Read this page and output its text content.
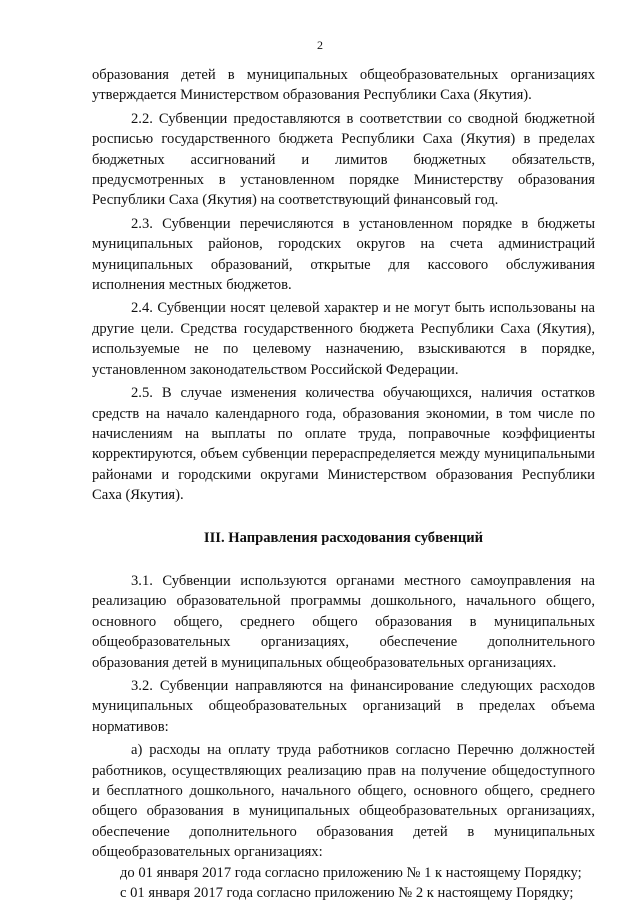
2

образования детей в муниципальных общеобразовательных организациях утверждается Министерством образования Республики Саха (Якутия).

2.2. Субвенции предоставляются в соответствии со сводной бюджетной росписью государственного бюджета Республики Саха (Якутия) в пределах бюджетных ассигнований и лимитов бюджетных обязательств, предусмотренных в установленном порядке Министерству образования Республики Саха (Якутия) на соответствующий финансовый год.

2.3. Субвенции перечисляются в установленном порядке в бюджеты муниципальных районов, городских округов на счета администраций муниципальных образований, открытые для кассового обслуживания исполнения местных бюджетов.

2.4. Субвенции носят целевой характер и не могут быть использованы на другие цели. Средства государственного бюджета Республики Саха (Якутия), используемые не по целевому назначению, взыскиваются в порядке, установленном законодательством Российской Федерации.

2.5. В случае изменения количества обучающихся, наличия остатков средств на начало календарного года, образования экономии, в том числе по начислениям на выплаты по оплате труда, поправочные коэффициенты корректируются, объем субвенции перераспределяется между муниципальными районами и городскими округами Министерством образования Республики Саха (Якутия).

III. Направления расходования субвенций

3.1. Субвенции используются органами местного самоуправления на реализацию образовательной программы дошкольного, начального общего, основного общего, среднего общего образования в муниципальных общеобразовательных организациях, обеспечение дополнительного образования детей в муниципальных общеобразовательных организациях.

3.2. Субвенции направляются на финансирование следующих расходов муниципальных общеобразовательных организаций в пределах объема нормативов:

а) расходы на оплату труда работников согласно Перечню должностей работников, осуществляющих реализацию прав на получение общедоступного и бесплатного дошкольного, начального общего, основного общего, среднего общего образования в муниципальных общеобразовательных организациях, обеспечение дополнительного образования детей в муниципальных общеобразовательных организациях:

до 01 января 2017 года согласно приложению № 1 к настоящему Порядку;

с 01 января 2017 года согласно приложению № 2 к настоящему Порядку;
